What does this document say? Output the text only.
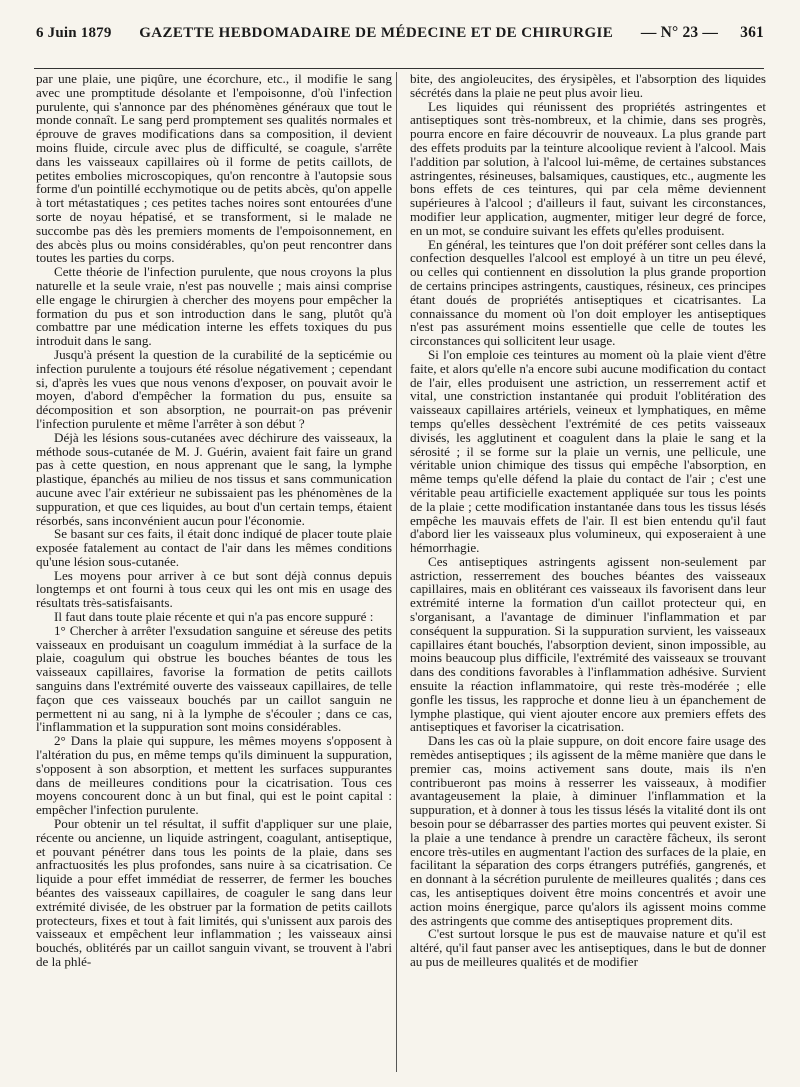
6 Juin 1879 GAZETTE HEBDOMADAIRE DE MÉDECINE ET DE CHIRURGIE — N° 23 — 361

par une plaie, une piqûre, une écorchure, etc., il modifie le sang avec une promptitude désolante et l'empoisonne, d'où l'infection purulente, qui s'annonce par des phénomènes généraux que tout le monde connaît. Le sang perd promptement ses qualités normales et éprouve de graves modifications dans sa composition, il devient moins fluide, circule avec plus de difficulté, se coagule, s'arrête dans les vaisseaux capillaires où il forme de petits caillots, de petites embolies microscopiques, qu'on rencontre à l'autopsie sous forme d'un pointillé ecchymotique ou de petits abcès, qu'on appelle à tort métastatiques ; ces petites taches noires sont entourées d'une sorte de noyau hépatisé, et se transforment, si le malade ne succombe pas dès les premiers moments de l'empoisonnement, en des abcès plus ou moins considérables, qu'on peut rencontrer dans toutes les parties du corps.

Cette théorie de l'infection purulente, que nous croyons la plus naturelle et la seule vraie, n'est pas nouvelle ; mais ainsi comprise elle engage le chirurgien à chercher des moyens pour empêcher la formation du pus et son introduction dans le sang, plutôt qu'à combattre par une médication interne les effets toxiques du pus introduit dans le sang.

Jusqu'à présent la question de la curabilité de la septicémie ou infection purulente a toujours été résolue négativement ; cependant si, d'après les vues que nous venons d'exposer, on pouvait avoir le moyen, d'abord d'empêcher la formation du pus, ensuite sa décomposition et son absorption, ne pourrait-on pas prévenir l'infection purulente et même l'arrêter à son début ?

Déjà les lésions sous-cutanées avec déchirure des vaisseaux, la méthode sous-cutanée de M. J. Guérin, avaient fait faire un grand pas à cette question, en nous apprenant que le sang, la lymphe plastique, épanchés au milieu de nos tissus et sans communication aucune avec l'air extérieur ne subissaient pas les phénomènes de la suppuration, et que ces liquides, au bout d'un certain temps, étaient résorbés, sans inconvénient aucun pour l'économie.

Se basant sur ces faits, il était donc indiqué de placer toute plaie exposée fatalement au contact de l'air dans les mêmes conditions qu'une lésion sous-cutanée.

Les moyens pour arriver à ce but sont déjà connus depuis longtemps et ont fourni à tous ceux qui les ont mis en usage des résultats très-satisfaisants.

Il faut dans toute plaie récente et qui n'a pas encore suppuré :

1° Chercher à arrêter l'exsudation sanguine et séreuse des petits vaisseaux en produisant un coagulum immédiat à la surface de la plaie, coagulum qui obstrue les bouches béantes de tous les vaisseaux capillaires, favorise la formation de petits caillots sanguins dans l'extrémité ouverte des vaisseaux capillaires, de telle façon que ces vaisseaux bouchés par un caillot sanguin ne permettent ni au sang, ni à la lymphe de s'écouler ; dans ce cas, l'inflammation et la suppuration sont moins considérables.

2° Dans la plaie qui suppure, les mêmes moyens s'opposent à l'altération du pus, en même temps qu'ils diminuent la suppuration, s'opposent à son absorption, et mettent les surfaces suppurantes dans de meilleures conditions pour la cicatrisation. Tous ces moyens concourent donc à un but final, qui est le point capital : empêcher l'infection purulente.

Pour obtenir un tel résultat, il suffit d'appliquer sur une plaie, récente ou ancienne, un liquide astringent, coagulant, antiseptique, et pouvant pénétrer dans tous les points de la plaie, dans ses anfractuosités les plus profondes, sans nuire à sa cicatrisation. Ce liquide a pour effet immédiat de resserrer, de fermer les bouches béantes des vaisseaux capillaires, de coaguler le sang dans leur extrémité divisée, de les obstruer par la formation de petits caillots protecteurs, fixes et tout à fait limités, qui s'unissent aux parois des vaisseaux et empêchent leur inflammation ; les vaisseaux ainsi bouchés, oblitérés par un caillot sanguin vivant, se trouvent à l'abri de la phlé-

bite, des angioleucites, des érysipèles, et l'absorption des liquides sécrétés dans la plaie ne peut plus avoir lieu.

Les liquides qui réunissent des propriétés astringentes et antiseptiques sont très-nombreux, et la chimie, dans ses progrès, pourra encore en faire découvrir de nouveaux. La plus grande part des effets produits par la teinture alcoolique revient à l'alcool. Mais l'addition par solution, à l'alcool lui-même, de certaines substances astringentes, résineuses, balsamiques, caustiques, etc., augmente les bons effets de ces teintures, qui par cela même deviennent supérieures à l'alcool ; d'ailleurs il faut, suivant les circonstances, modifier leur application, augmenter, mitiger leur degré de force, en un mot, se conduire suivant les effets qu'elles produisent.

En général, les teintures que l'on doit préférer sont celles dans la confection desquelles l'alcool est employé à un titre un peu élevé, ou celles qui contiennent en dissolution la plus grande proportion de certains principes astringents, caustiques, résineux, ces principes étant doués de propriétés antiseptiques et cicatrisantes. La connaissance du moment où l'on doit employer les antiseptiques n'est pas assurément moins essentielle que celle de toutes les circonstances qui sollicitent leur usage.

Si l'on emploie ces teintures au moment où la plaie vient d'être faite, et alors qu'elle n'a encore subi aucune modification du contact de l'air, elles produisent une astriction, un resserrement actif et vital, une constriction instantanée qui produit l'oblitération des vaisseaux capillaires artériels, veineux et lymphatiques, en même temps qu'elles dessèchent l'extrémité de ces petits vaisseaux divisés, les agglutinent et coagulent dans la plaie le sang et la sérosité ; il se forme sur la plaie un vernis, une pellicule, une véritable union chimique des tissus qui empêche l'absorption, en même temps qu'elle défend la plaie du contact de l'air ; c'est une véritable peau artificielle exactement appliquée sur tous les points de la plaie ; cette modification instantanée dans tous les tissus lésés empêche les mauvais effets de l'air. Il est bien entendu qu'il faut d'abord lier les vaisseaux plus volumineux, qui exposeraient à une hémorrhagie.

Ces antiseptiques astringents agissent non-seulement par astriction, resserrement des bouches béantes des vaisseaux capillaires, mais en oblitérant ces vaisseaux ils favorisent dans leur extrémité interne la formation d'un caillot protecteur qui, en s'organisant, a l'avantage de diminuer l'inflammation et par conséquent la suppuration. Si la suppuration survient, les vaisseaux capillaires étant bouchés, l'absorption devient, sinon impossible, au moins beaucoup plus difficile, l'extrémité des vaisseaux se trouvant dans des conditions favorables à l'inflammation adhésive. Survient ensuite la réaction inflammatoire, qui reste très-modérée ; elle gonfle les tissus, les rapproche et donne lieu à un épanchement de lymphe plastique, qui vient ajouter encore aux premiers effets des antiseptiques et favoriser la cicatrisation.

Dans les cas où la plaie suppure, on doit encore faire usage des remèdes antiseptiques ; ils agissent de la même manière que dans le premier cas, moins activement sans doute, mais ils n'en contribueront pas moins à resserrer les vaisseaux, à modifier avantageusement la plaie, à diminuer l'inflammation et la suppuration, et à donner à tous les tissus lésés la vitalité dont ils ont besoin pour se débarrasser des parties mortes qui peuvent exister. Si la plaie a une tendance à prendre un caractère fâcheux, ils seront encore très-utiles en augmentant l'action des surfaces de la plaie, en facilitant la séparation des corps étrangers putréfiés, gangrenés, et en donnant à la sécrétion purulente de meilleures qualités ; dans ces cas, les antiseptiques doivent être moins concentrés et avoir une action moins énergique, parce qu'alors ils agissent moins comme des astringents que comme des antiseptiques proprement dits.

C'est surtout lorsque le pus est de mauvaise nature et qu'il est altéré, qu'il faut panser avec les antiseptiques, dans le but de donner au pus de meilleures qualités et de modifier
